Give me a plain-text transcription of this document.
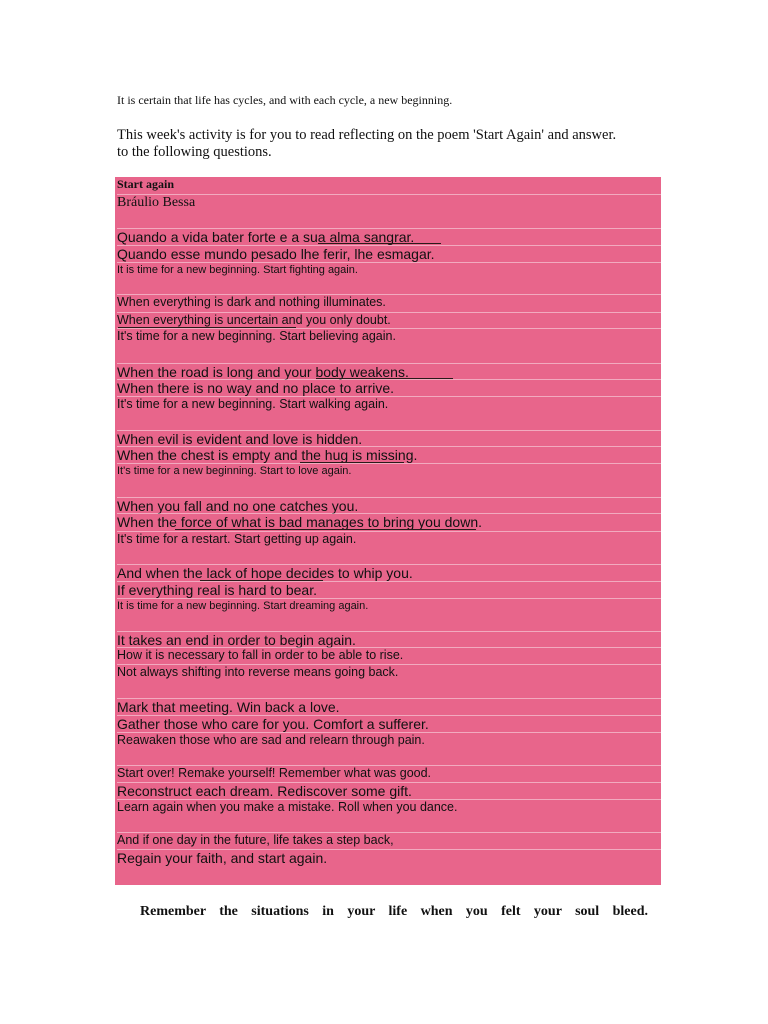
It is certain that life has cycles, and with each cycle, a new beginning.
This week's activity is for you to read reflecting on the poem 'Start Again' and answer.
to the following questions.
Start again
Bráulio Bessa
Quando a vida bater forte e a sua alma sangrar.
Quando esse mundo pesado lhe ferir, lhe esmagar.
It is time for a new beginning. Start fighting again.
When everything is dark and nothing illuminates.
When everything is uncertain and you only doubt.
It's time for a new beginning. Start believing again.
When the road is long and your body weakens.
When there is no way and no place to arrive.
It's time for a new beginning. Start walking again.
When evil is evident and love is hidden.
When the chest is empty and the hug is missing.
It's time for a new beginning. Start to love again.
When you fall and no one catches you.
When the force of what is bad manages to bring you down.
It's time for a restart. Start getting up again.
And when the lack of hope decides to whip you.
If everything real is hard to bear.
It is time for a new beginning. Start dreaming again.
It takes an end in order to begin again.
How it is necessary to fall in order to be able to rise.
Not always shifting into reverse means going back.
Mark that meeting. Win back a love.
Gather those who care for you. Comfort a sufferer.
Reawaken those who are sad and relearn through pain.
Start over! Remake yourself! Remember what was good.
Reconstruct each dream. Rediscover some gift.
Learn again when you make a mistake. Roll when you dance.
And if one day in the future, life takes a step back,
Regain your faith, and start again.
Remember the situations in your life when you felt your soul bleed.
